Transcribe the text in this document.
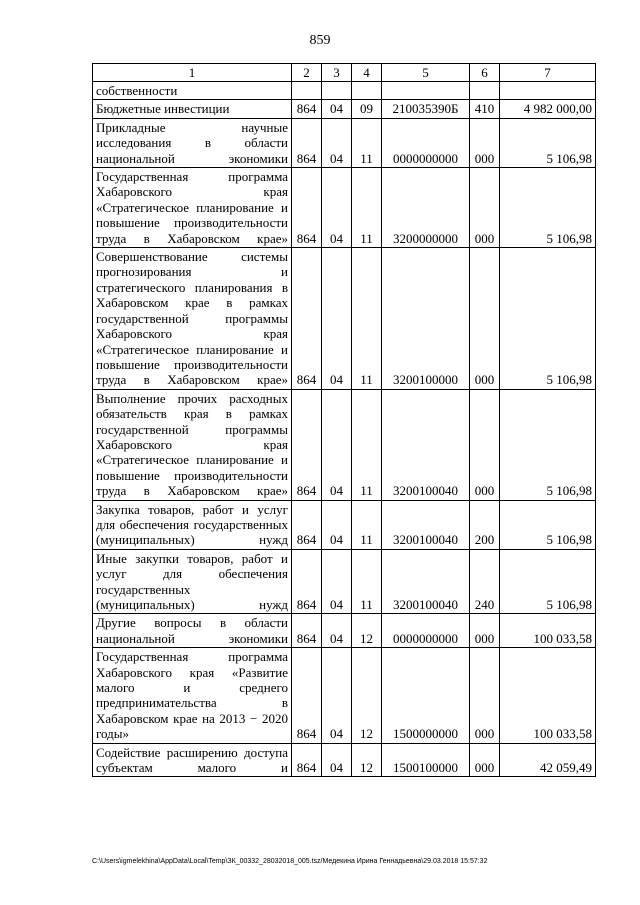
859
1	2	3	4	5	6	7
собственности						
Бюджетные инвестиции	864	04	09	210035390Б	410	4 982 000,00
Прикладные научные исследования в области национальной экономики	864	04	11	0000000000	000	5 106,98
Государственная программа Хабаровского края «Стратегическое планирование и повышение производительности труда в Хабаровском крае»	864	04	11	3200000000	000	5 106,98
Совершенствование системы прогнозирования и стратегического планирования в Хабаровском крае в рамках государственной программы Хабаровского края «Стратегическое планирование и повышение производительности труда в Хабаровском крае»	864	04	11	3200100000	000	5 106,98
Выполнение прочих расходных обязательств края в рамках государственной программы Хабаровского края «Стратегическое планирование и повышение производительности труда в Хабаровском крае»	864	04	11	3200100040	000	5 106,98
Закупка товаров, работ и услуг для обеспечения государственных (муниципальных) нужд	864	04	11	3200100040	200	5 106,98
Иные закупки товаров, работ и услуг для обеспечения государственных (муниципальных) нужд	864	04	11	3200100040	240	5 106,98
Другие вопросы в области национальной экономики	864	04	12	0000000000	000	100 033,58
Государственная программа Хабаровского края «Развитие малого и среднего предпринимательства в Хабаровском крае на 2013 − 2020 годы»	864	04	12	1500000000	000	100 033,58
Содействие расширению доступа субъектам малого и	864	04	12	1500100000	000	42 059,49
C:\Users\igmelekhina\AppData\Local\Temp\ЗК_00332_28032018_005.tsz/Медекина Ирина Геннадьевна\29.03.2018 15:57:32
